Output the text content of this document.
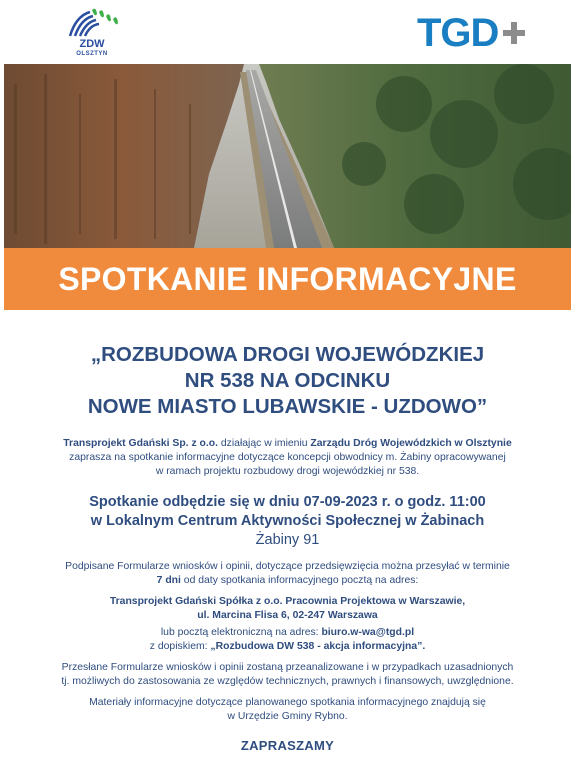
ZDW
OLSZTYN	TGD
SPOTKANIE INFORMACYJNE
„ROZBUDOWA DROGI WOJEWÓDZKIEJ
NR 538 NA ODCINKU
NOWE MIASTO LUBAWSKIE - UZDOWO”
Transprojekt Gdański Sp. z o.o. działając w imieniu Zarządu Dróg Wojewódzkich w Olsztynie
zaprasza na spotkanie informacyjne dotyczące koncepcji obwodnicy m. Żabiny opracowywanej
w ramach projektu rozbudowy drogi wojewódzkiej nr 538.
Spotkanie odbędzie się w dniu 07-09-2023 r. o godz. 11:00
w Lokalnym Centrum Aktywności Społecznej w Żabinach
Żabiny 91
Podpisane Formularze wniosków i opinii, dotyczące przedsięwzięcia można przesyłać w terminie
7 dni od daty spotkania informacyjnego pocztą na adres:
Transprojekt Gdański Spółka z o.o. Pracownia Projektowa w Warszawie,
ul. Marcina Flisa 6, 02-247 Warszawa
lub pocztą elektroniczną na adres: biuro.w-wa@tgd.pl
z dopiskiem: „Rozbudowa DW 538 - akcja informacyjna”.
Przesłane Formularze wniosków i opinii zostaną przeanalizowane i w przypadkach uzasadnionych
tj. możliwych do zastosowania ze względów technicznych, prawnych i finansowych, uwzględnione.
Materiały informacyjne dotyczące planowanego spotkania informacyjnego znajdują się
w Urzędzie Gminy Rybno.
ZAPRASZAMY
